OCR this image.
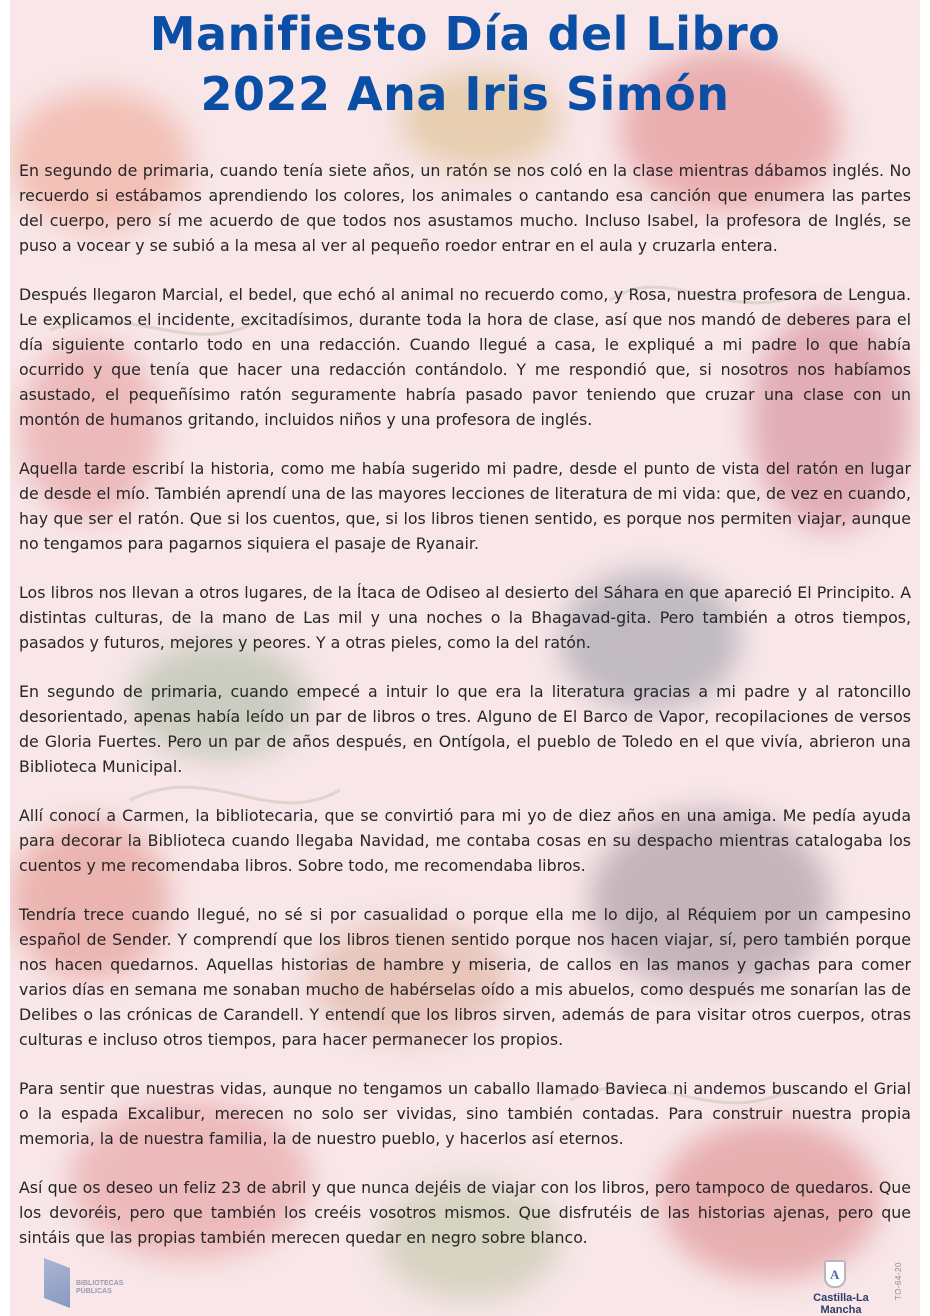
Manifiesto Día del Libro
2022 Ana Iris Simón

En segundo de primaria, cuando tenía siete años, un ratón se nos coló en la clase mientras dábamos inglés. No recuerdo si estábamos aprendiendo los colores, los animales o cantando esa canción que enumera las partes del cuerpo, pero sí me acuerdo de que todos nos asustamos mucho. Incluso Isabel, la profesora de Inglés, se puso a vocear y se subió a la mesa al ver al pequeño roedor entrar en el aula y cruzarla entera.

Después llegaron Marcial, el bedel, que echó al animal no recuerdo como, y Rosa, nuestra profesora de Lengua. Le explicamos el incidente, excitadísimos, durante toda la hora de clase, así que nos mandó de deberes para el día siguiente contarlo todo en una redacción. Cuando llegué a casa, le expliqué a mi padre lo que había ocurrido y que tenía que hacer una redacción contándolo. Y me respondió que, si nosotros nos habíamos asustado, el pequeñísimo ratón seguramente habría pasado pavor teniendo que cruzar una clase con un montón de humanos gritando, incluidos niños y una profesora de inglés.

Aquella tarde escribí la historia, como me había sugerido mi padre, desde el punto de vista del ratón en lugar de desde el mío. También aprendí una de las mayores lecciones de literatura de mi vida: que, de vez en cuando, hay que ser el ratón. Que si los cuentos, que, si los libros tienen sentido, es porque nos permiten viajar, aunque no tengamos para pagarnos siquiera el pasaje de Ryanair.

Los libros nos llevan a otros lugares, de la Ítaca de Odiseo al desierto del Sáhara en que apareció El Principito. A distintas culturas, de la mano de Las mil y una noches o la Bhagavad-gita. Pero también a otros tiempos, pasados y futuros, mejores y peores. Y a otras pieles, como la del ratón.

En segundo de primaria, cuando empecé a intuir lo que era la literatura gracias a mi padre y al ratoncillo desorientado, apenas había leído un par de libros o tres. Alguno de El Barco de Vapor, recopilaciones de versos de Gloria Fuertes. Pero un par de años después, en Ontígola, el pueblo de Toledo en el que vivía, abrieron una Biblioteca Municipal.

Allí conocí a Carmen, la bibliotecaria, que se convirtió para mi yo de diez años en una amiga. Me pedía ayuda para decorar la Biblioteca cuando llegaba Navidad, me contaba cosas en su despacho mientras catalogaba los cuentos y me recomendaba libros. Sobre todo, me recomendaba libros.

Tendría trece cuando llegué, no sé si por casualidad o porque ella me lo dijo, al Réquiem por un campesino español de Sender. Y comprendí que los libros tienen sentido porque nos hacen viajar, sí, pero también porque nos hacen quedarnos. Aquellas historias de hambre y miseria, de callos en las manos y gachas para comer varios días en semana me sonaban mucho de habérselas oído a mis abuelos, como después me sonarían las de Delibes o las crónicas de Carandell. Y entendí que los libros sirven, además de para visitar otros cuerpos, otras culturas e incluso otros tiempos, para hacer permanecer los propios.

Para sentir que nuestras vidas, aunque no tengamos un caballo llamado Bavieca ni andemos buscando el Grial o la espada Excalibur, merecen no solo ser vividas, sino también contadas. Para construir nuestra propia memoria, la de nuestra familia, la de nuestro pueblo, y hacerlos así eternos.

Así que os deseo un feliz 23 de abril y que nunca dejéis de viajar con los libros, pero tampoco de quedaros. Que los devoréis, pero que también los creéis vosotros mismos. Que disfrutéis de las historias ajenas, pero que sintáis que las propias también merecen quedar en negro sobre blanco.

BIBLIOTECAS
PÚBLICAS
A
Castilla-La Mancha
TO-64-20
